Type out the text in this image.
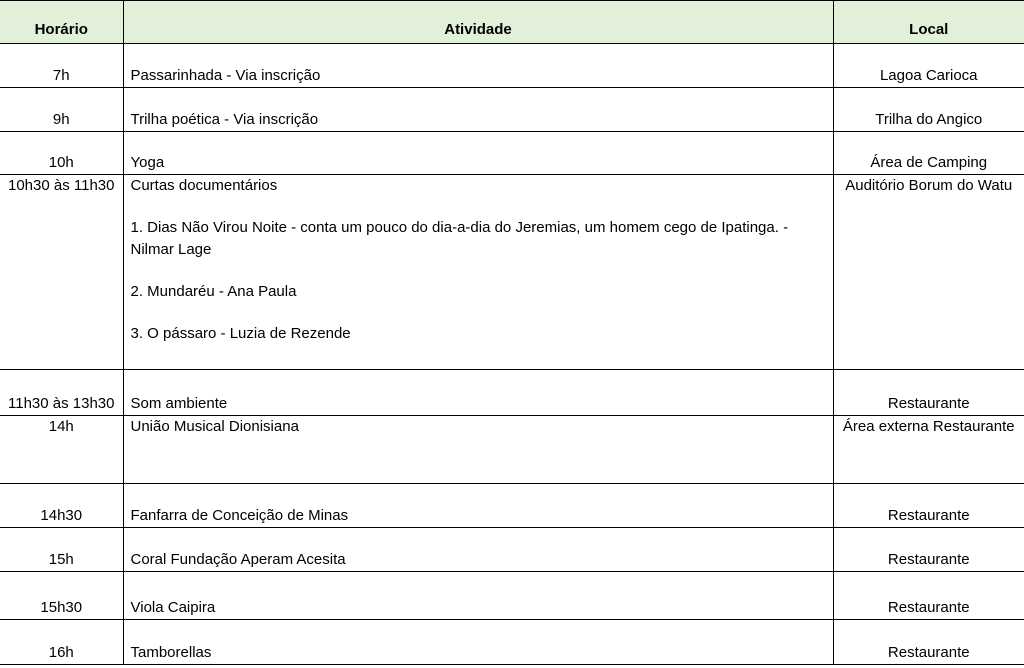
Horário	Atividade	Local
7h	Passarinhada - Via inscrição	Lagoa Carioca
9h	Trilha poética - Via inscrição	Trilha do Angico
10h	Yoga	Área de Camping
10h30 às 11h30	Curtas documentários

1. Dias Não Virou Noite - conta um pouco do dia-a-dia do Jeremias, um homem cego de Ipatinga. - Nilmar Lage

2. Mundaréu - Ana Paula

3. O pássaro - Luzia de Rezende	Auditório Borum do Watu
11h30 às 13h30	Som ambiente	Restaurante
14h	União Musical Dionisiana	Área externa Restaurante
14h30	Fanfarra de Conceição de Minas	Restaurante
15h	Coral Fundação Aperam Acesita	Restaurante
15h30	Viola Caipira	Restaurante
16h	Tamborellas	Restaurante
